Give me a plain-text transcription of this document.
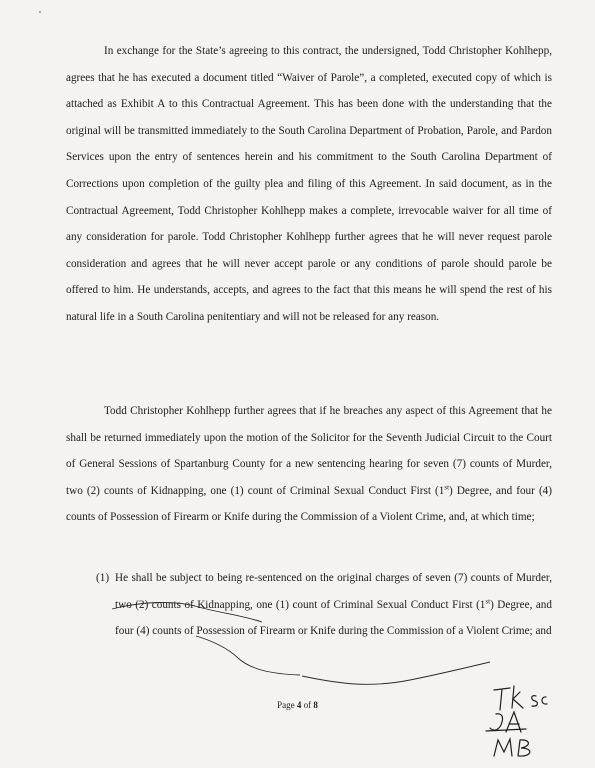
In exchange for the State’s agreeing to this contract, the undersigned, Todd Christopher Kohlhepp, agrees that he has executed a document titled “Waiver of Parole”, a completed, executed copy of which is attached as Exhibit A to this Contractual Agreement. This has been done with the understanding that the original will be transmitted immediately to the South Carolina Department of Probation, Parole, and Pardon Services upon the entry of sentences herein and his commitment to the South Carolina Department of Corrections upon completion of the guilty plea and filing of this Agreement. In said document, as in the Contractual Agreement, Todd Christopher Kohlhepp makes a complete, irrevocable waiver for all time of any consideration for parole. Todd Christopher Kohlhepp further agrees that he will never request parole consideration and agrees that he will never accept parole or any conditions of parole should parole be offered to him. He understands, accepts, and agrees to the fact that this means he will spend the rest of his natural life in a South Carolina penitentiary and will not be released for any reason.

Todd Christopher Kohlhepp further agrees that if he breaches any aspect of this Agreement that he shall be returned immediately upon the motion of the Solicitor for the Seventh Judicial Circuit to the Court of General Sessions of Spartanburg County for a new sentencing hearing for seven (7) counts of Murder, two (2) counts of Kidnapping, one (1) count of Criminal Sexual Conduct First (1st) Degree, and four (4) counts of Possession of Firearm or Knife during the Commission of a Violent Crime, and, at which time;

(1) He shall be subject to being re-sentenced on the original charges of seven (7) counts of Murder, two (2) counts of Kidnapping, one (1) count of Criminal Sexual Conduct First (1st) Degree, and four (4) counts of Possession of Firearm or Knife during the Commission of a Violent Crime; and
Page 4 of 8
